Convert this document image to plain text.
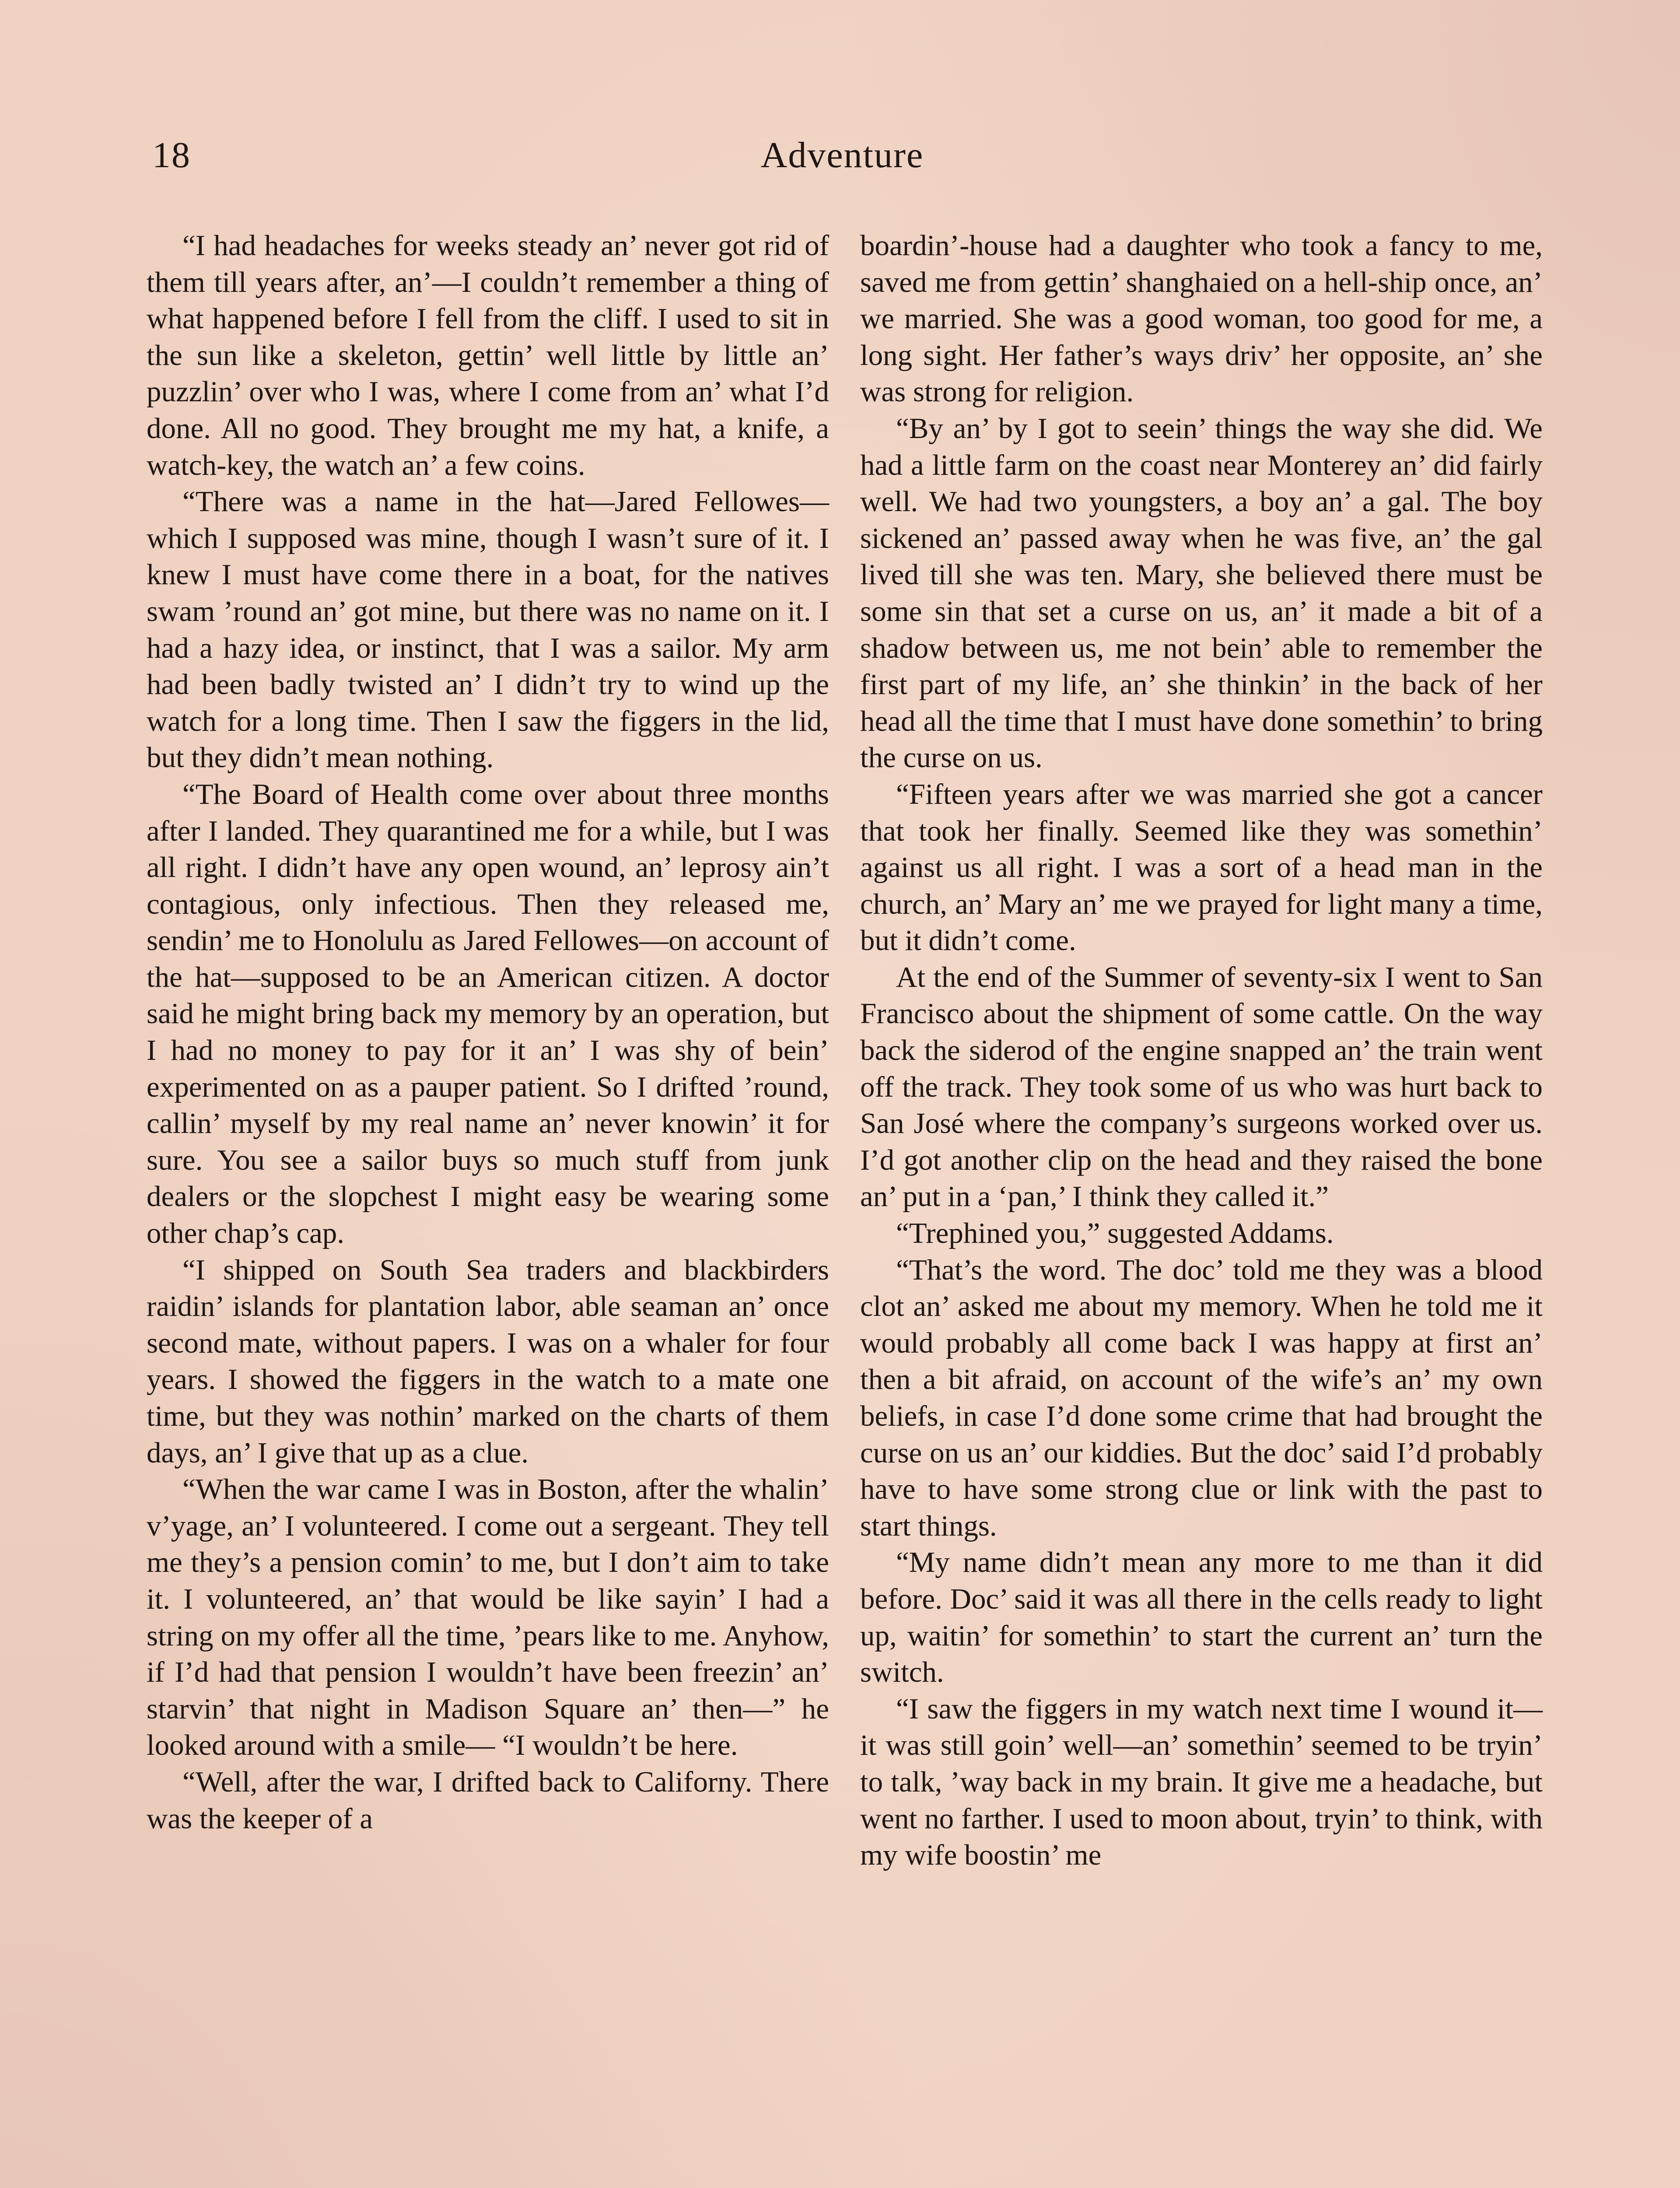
18	Adventure

“I had headaches for weeks steady an’ never got rid of them till years after, an’—I couldn’t remember a thing of what happened before I fell from the cliff. I used to sit in the sun like a skeleton, gettin’ well little by little an’ puzzlin’ over who I was, where I come from an’ what I’d done. All no good. They brought me my hat, a knife, a watch-key, the watch an’ a few coins.

“There was a name in the hat—Jared Fellowes—which I supposed was mine, though I wasn’t sure of it. I knew I must have come there in a boat, for the natives swam ’round an’ got mine, but there was no name on it. I had a hazy idea, or instinct, that I was a sailor. My arm had been badly twisted an’ I didn’t try to wind up the watch for a long time. Then I saw the figgers in the lid, but they didn’t mean nothing.

“The Board of Health come over about three months after I landed. They quarantined me for a while, but I was all right. I didn’t have any open wound, an’ leprosy ain’t contagious, only infectious. Then they released me, sendin’ me to Honolulu as Jared Fellowes—on account of the hat—supposed to be an American citizen. A doctor said he might bring back my memory by an operation, but I had no money to pay for it an’ I was shy of bein’ experimented on as a pauper patient. So I drifted ’round, callin’ myself by my real name an’ never knowin’ it for sure. You see a sailor buys so much stuff from junk dealers or the slopchest I might easy be wearing some other chap’s cap.

“I shipped on South Sea traders and blackbirders raidin’ islands for plantation labor, able seaman an’ once second mate, without papers. I was on a whaler for four years. I showed the figgers in the watch to a mate one time, but they was nothin’ marked on the charts of them days, an’ I give that up as a clue.

“When the war came I was in Boston, after the whalin’ v’yage, an’ I volunteered. I come out a sergeant. They tell me they’s a pension comin’ to me, but I don’t aim to take it. I volunteered, an’ that would be like sayin’ I had a string on my offer all the time, ’pears like to me. Anyhow, if I’d had that pension I wouldn’t have been freezin’ an’ starvin’ that night in Madison Square an’ then—” he looked around with a smile— “I wouldn’t be here.

“Well, after the war, I drifted back to Californy. There was the keeper of a

boardin’-house had a daughter who took a fancy to me, saved me from gettin’ shanghaied on a hell-ship once, an’ we married. She was a good woman, too good for me, a long sight. Her father’s ways driv’ her opposite, an’ she was strong for religion.

“By an’ by I got to seein’ things the way she did. We had a little farm on the coast near Monterey an’ did fairly well. We had two youngsters, a boy an’ a gal. The boy sickened an’ passed away when he was five, an’ the gal lived till she was ten. Mary, she believed there must be some sin that set a curse on us, an’ it made a bit of a shadow between us, me not bein’ able to remember the first part of my life, an’ she thinkin’ in the back of her head all the time that I must have done somethin’ to bring the curse on us.

“Fifteen years after we was married she got a cancer that took her finally. Seemed like they was somethin’ against us all right. I was a sort of a head man in the church, an’ Mary an’ me we prayed for light many a time, but it didn’t come.

At the end of the Summer of seventy-six I went to San Francisco about the shipment of some cattle. On the way back the siderod of the engine snapped an’ the train went off the track. They took some of us who was hurt back to San José where the company’s surgeons worked over us. I’d got another clip on the head and they raised the bone an’ put in a ‘pan,’ I think they called it.”

“Trephined you,” suggested Addams.

“That’s the word. The doc’ told me they was a blood clot an’ asked me about my memory. When he told me it would probably all come back I was happy at first an’ then a bit afraid, on account of the wife’s an’ my own beliefs, in case I’d done some crime that had brought the curse on us an’ our kiddies. But the doc’ said I’d probably have to have some strong clue or link with the past to start things.

“My name didn’t mean any more to me than it did before. Doc’ said it was all there in the cells ready to light up, waitin’ for somethin’ to start the current an’ turn the switch.

“I saw the figgers in my watch next time I wound it—it was still goin’ well—an’ somethin’ seemed to be tryin’ to talk, ’way back in my brain. It give me a headache, but went no farther. I used to moon about, tryin’ to think, with my wife boostin’ me
